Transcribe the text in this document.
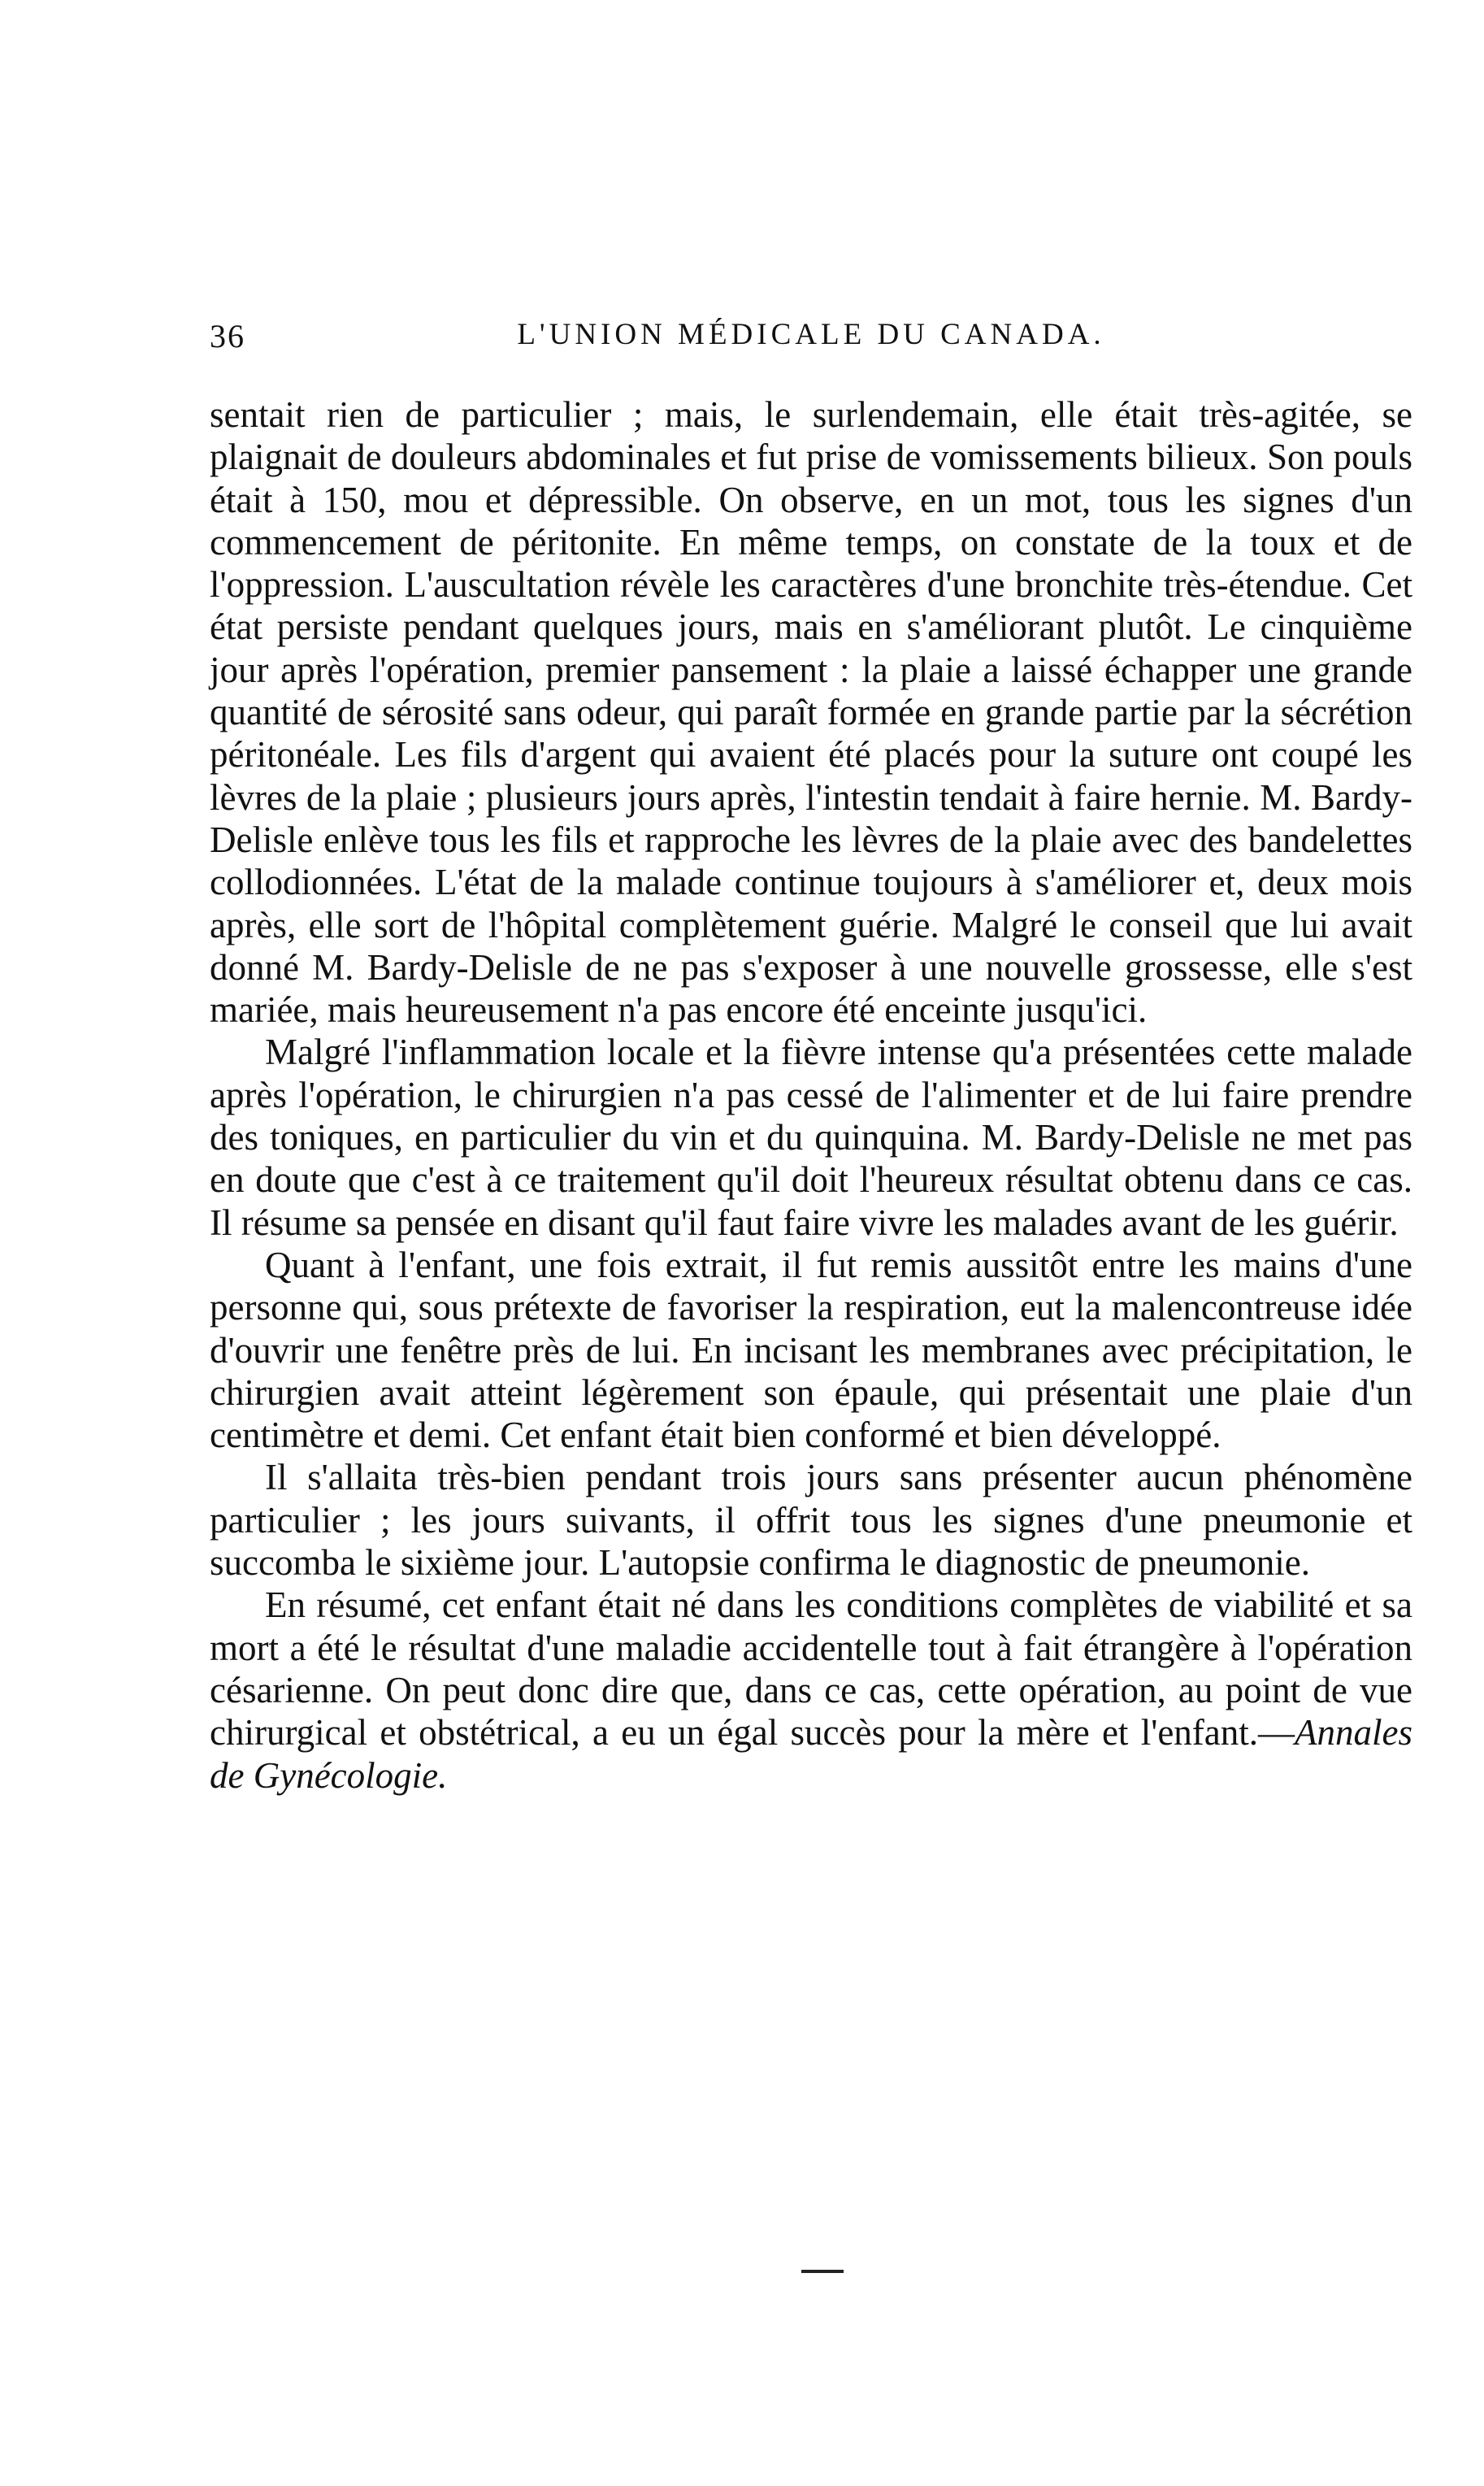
36	L'UNION MÉDICALE DU CANADA.

sentait rien de particulier ; mais, le surlendemain, elle était très-agitée, se plaignait de douleurs abdominales et fut prise de vomissements bilieux. Son pouls était à 150, mou et dépressible. On observe, en un mot, tous les signes d'un commencement de péritonite. En même temps, on constate de la toux et de l'oppression. L'auscultation révèle les caractères d'une bronchite très-étendue. Cet état persiste pendant quelques jours, mais en s'améliorant plutôt. Le cinquième jour après l'opération, premier pansement : la plaie a laissé échapper une grande quantité de sérosité sans odeur, qui paraît formée en grande partie par la sécrétion péritonéale. Les fils d'argent qui avaient été placés pour la suture ont coupé les lèvres de la plaie ; plusieurs jours après, l'intestin tendait à faire hernie. M. Bardy-Delisle enlève tous les fils et rapproche les lèvres de la plaie avec des bandelettes collodionnées. L'état de la malade continue toujours à s'améliorer et, deux mois après, elle sort de l'hôpital complètement guérie. Malgré le conseil que lui avait donné M. Bardy-Delisle de ne pas s'exposer à une nouvelle grossesse, elle s'est mariée, mais heureusement n'a pas encore été enceinte jusqu'ici.

Malgré l'inflammation locale et la fièvre intense qu'a présentées cette malade après l'opération, le chirurgien n'a pas cessé de l'alimenter et de lui faire prendre des toniques, en particulier du vin et du quinquina. M. Bardy-Delisle ne met pas en doute que c'est à ce traitement qu'il doit l'heureux résultat obtenu dans ce cas. Il résume sa pensée en disant qu'il faut faire vivre les malades avant de les guérir.

Quant à l'enfant, une fois extrait, il fut remis aussitôt entre les mains d'une personne qui, sous prétexte de favoriser la respiration, eut la malencontreuse idée d'ouvrir une fenêtre près de lui. En incisant les membranes avec précipitation, le chirurgien avait atteint légèrement son épaule, qui présentait une plaie d'un centimètre et demi. Cet enfant était bien conformé et bien développé.

Il s'allaita très-bien pendant trois jours sans présenter aucun phénomène particulier ; les jours suivants, il offrit tous les signes d'une pneumonie et succomba le sixième jour. L'autopsie confirma le diagnostic de pneumonie.

En résumé, cet enfant était né dans les conditions complètes de viabilité et sa mort a été le résultat d'une maladie accidentelle tout à fait étrangère à l'opération césarienne. On peut donc dire que, dans ce cas, cette opération, au point de vue chirurgical et obstétrical, a eu un égal succès pour la mère et l'enfant.—Annales de Gynécologie.
